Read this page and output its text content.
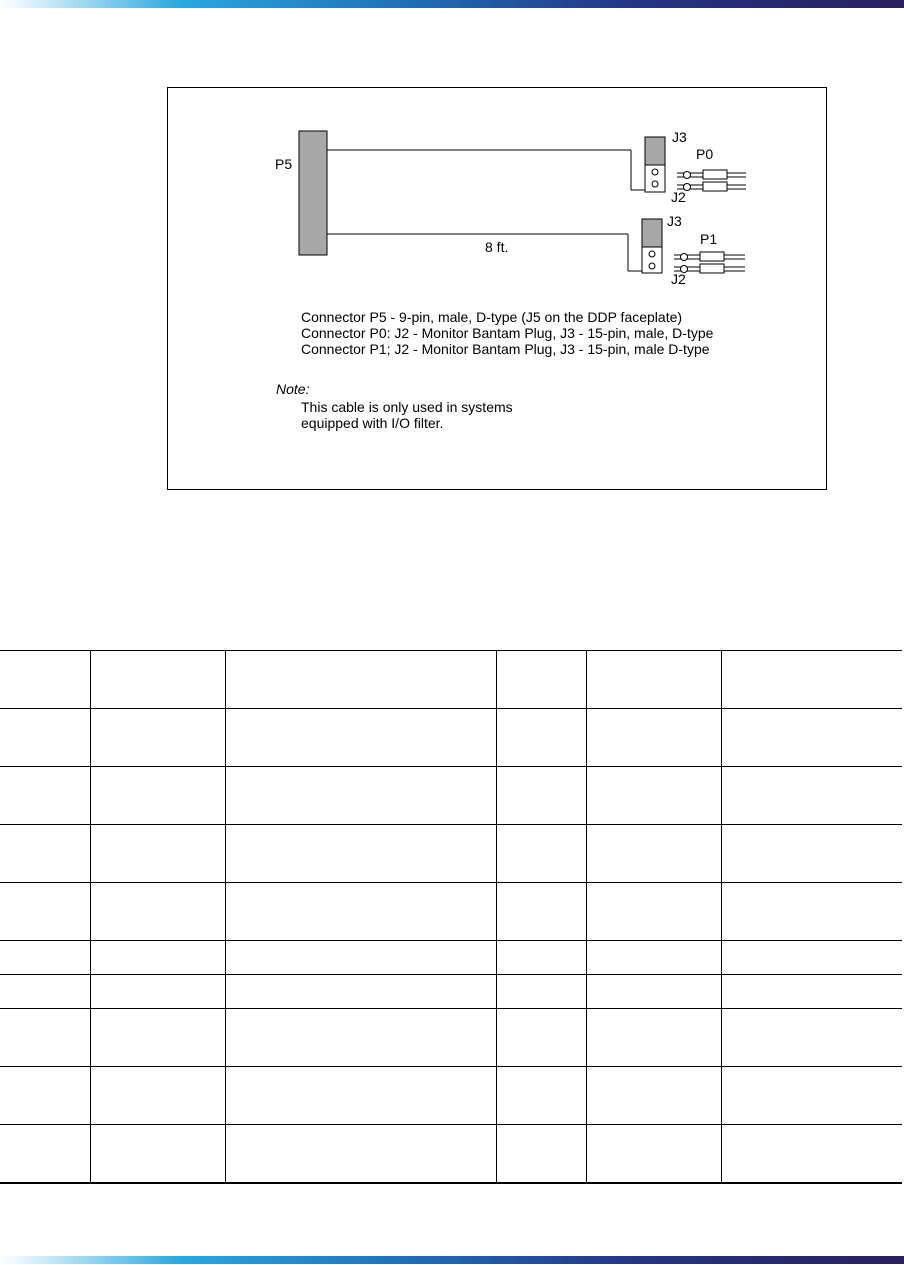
P5
J3
P0
J2
8 ft.
J3
P1
J2
Connector P5 - 9-pin, male, D-type (J5 on the DDP faceplate)
Connector P0: J2 - Monitor Bantam Plug, J3 - 15-pin, male, D-type
Connector P1; J2 - Monitor Bantam Plug, J3 - 15-pin, male D-type
Note:
This cable is only used in systems
equipped with I/O filter.
